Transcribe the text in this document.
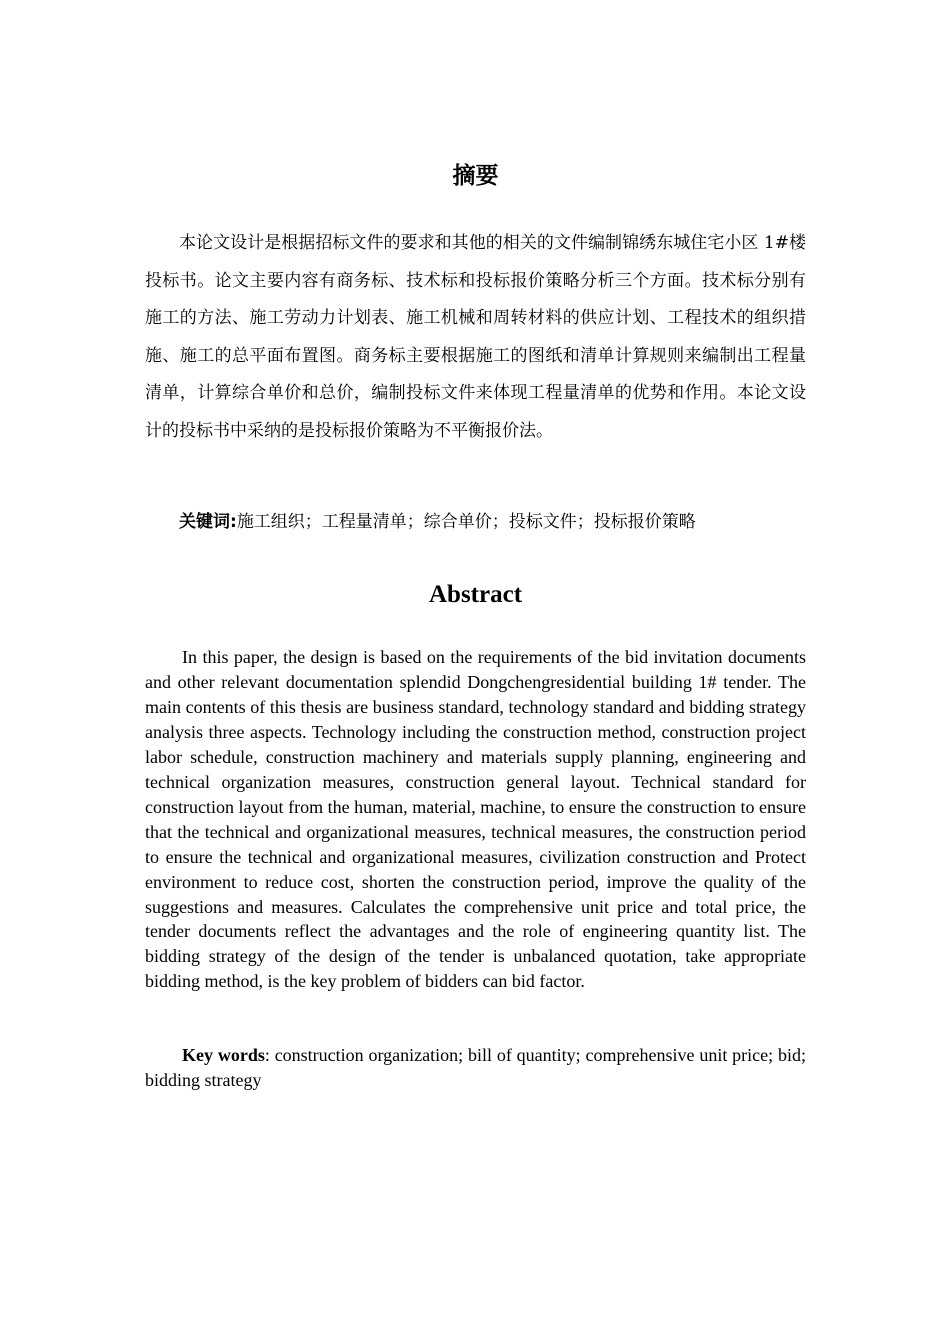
摘要

本论文设计是根据招标文件的要求和其他的相关的文件编制锦绣东城住宅小区 1#楼投标书。论文主要内容有商务标、技术标和投标报价策略分析三个方面。技术标分别有施工的方法、施工劳动力计划表、施工机械和周转材料的供应计划、工程技术的组织措施、施工的总平面布置图。商务标主要根据施工的图纸和清单计算规则来编制出工程量清单，计算综合单价和总价，编制投标文件来体现工程量清单的优势和作用。本论文设计的投标书中采纳的是投标报价策略为不平衡报价法。

关键词:施工组织；工程量清单；综合单价；投标文件；投标报价策略

Abstract

In this paper, the design is based on the requirements of the bid invitation documents and other relevant documentation splendid Dongchengresidential building 1# tender. The main contents of this thesis are business standard, technology standard and bidding strategy analysis three aspects. Technology including the construction method, construction project labor schedule, construction machinery and materials supply planning, engineering and technical organization measures, construction general layout. Technical standard for construction layout from the human, material, machine, to ensure the construction to ensure that the technical and organizational measures, technical measures, the construction period to ensure the technical and organizational measures, civilization construction and Protect environment to reduce cost, shorten the construction period, improve the quality of the suggestions and measures. Calculates the comprehensive unit price and total price, the tender documents reflect the advantages and the role of engineering quantity list. The bidding strategy of the design of the tender is unbalanced quotation, take appropriate bidding method, is the key problem of bidders can bid factor.

Key words: construction organization; bill of quantity; comprehensive unit price; bid; bidding strategy
